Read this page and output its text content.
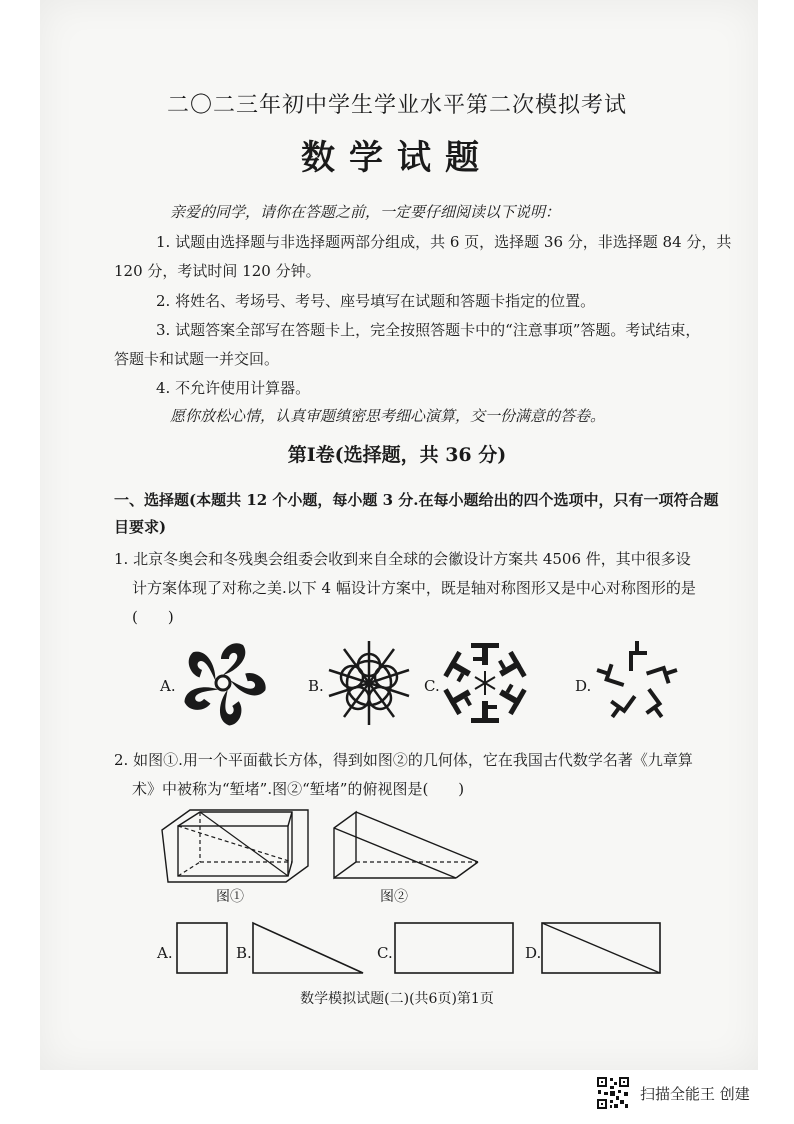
二〇二三年初中学生学业水平第二次模拟考试
数学试题
亲爱的同学，请你在答题之前，一定要仔细阅读以下说明：
1. 试题由选择题与非选择题两部分组成，共 6 页，选择题 36 分，非选择题 84 分，共
120 分，考试时间 120 分钟。
2. 将姓名、考场号、考号、座号填写在试题和答题卡指定的位置。
3. 试题答案全部写在答题卡上，完全按照答题卡中的“注意事项”答题。考试结束，
答题卡和试题一并交回。
4. 不允许使用计算器。
愿你放松心情，认真审题缜密思考细心演算，交一份满意的答卷。
第Ⅰ卷(选择题，共 36 分)
一、选择题(本题共 12 个小题，每小题 3 分.在每小题给出的四个选项中，只有一项符合题
目要求)
1. 北京冬奥会和冬残奥会组委会收到来自全球的会徽设计方案共 4506 件，其中很多设
计方案体现了对称之美.以下 4 幅设计方案中，既是轴对称图形又是中心对称图形的是
(　　)
A.	B.	C.	D.
2. 如图①.用一个平面截长方体，得到如图②的几何体，它在我国古代数学名著《九章算
术》中被称为“堑堵”.图②“堑堵”的俯视图是(　　)
图①	图②
A.	B.	C.	D.
数学模拟试题(二)(共6页)第1页
扫描全能王 创建
